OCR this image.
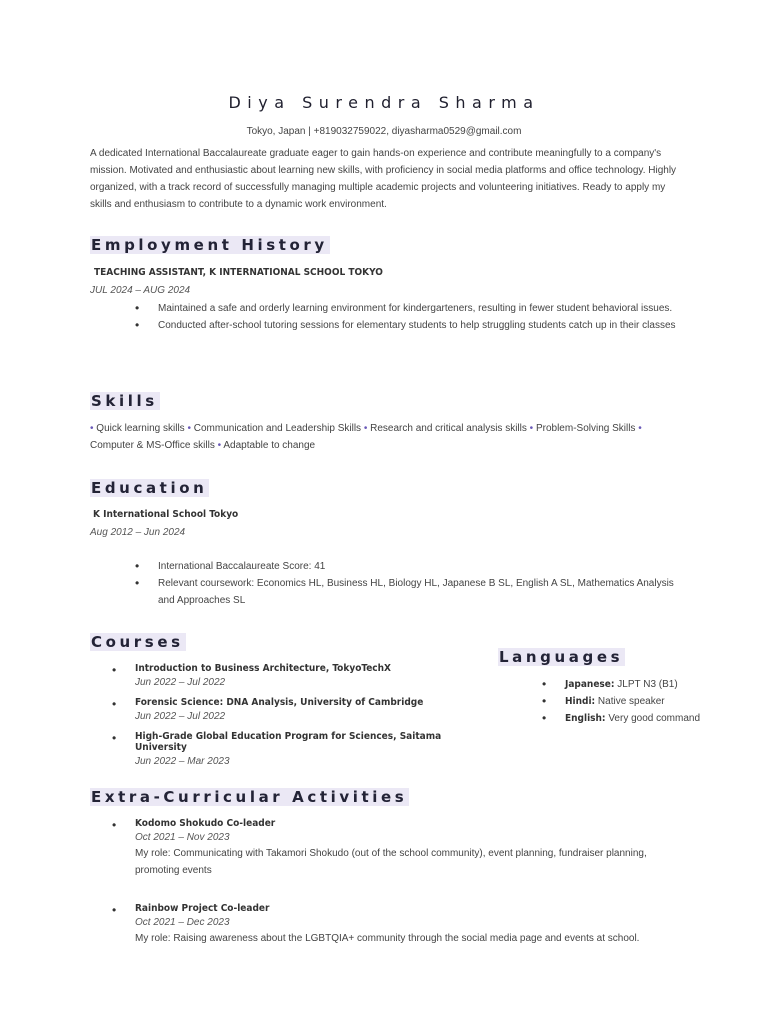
Diya Surendra Sharma
Tokyo, Japan | +819032759022, diyasharma0529@gmail.com
A dedicated International Baccalaureate graduate eager to gain hands-on experience and contribute meaningfully to a company's mission. Motivated and enthusiastic about learning new skills, with proficiency in social media platforms and office technology. Highly organized, with a track record of successfully managing multiple academic projects and volunteering initiatives. Ready to apply my skills and enthusiasm to contribute to a dynamic work environment.
Employment History
TEACHING ASSISTANT, K INTERNATIONAL SCHOOL TOKYO
JUL 2024 – AUG 2024
• Maintained a safe and orderly learning environment for kindergarteners, resulting in fewer student behavioral issues.
• Conducted after-school tutoring sessions for elementary students to help struggling students catch up in their classes
Skills
• Quick learning skills • Communication and Leadership Skills • Research and critical analysis skills • Problem-Solving Skills • Computer & MS-Office skills • Adaptable to change
Education
K International School Tokyo
Aug 2012 – Jun 2024
• International Baccalaureate Score: 41
• Relevant coursework: Economics HL, Business HL, Biology HL, Japanese B SL, English A SL, Mathematics Analysis and Approaches SL
Courses
• Introduction to Business Architecture, TokyoTechX
Jun 2022 – Jul 2022
• Forensic Science: DNA Analysis, University of Cambridge
Jun 2022 – Jul 2022
• High-Grade Global Education Program for Sciences, Saitama University
Jun 2022 – Mar 2023
Languages
• Japanese: JLPT N3 (B1)
• Hindi: Native speaker
• English: Very good command
Extra-Curricular Activities
• Kodomo Shokudo Co-leader
Oct 2021 – Nov 2023
My role: Communicating with Takamori Shokudo (out of the school community), event planning, fundraiser planning, promoting events
• Rainbow Project Co-leader
Oct 2021 – Dec 2023
My role: Raising awareness about the LGBTQIA+ community through the social media page and events at school.
